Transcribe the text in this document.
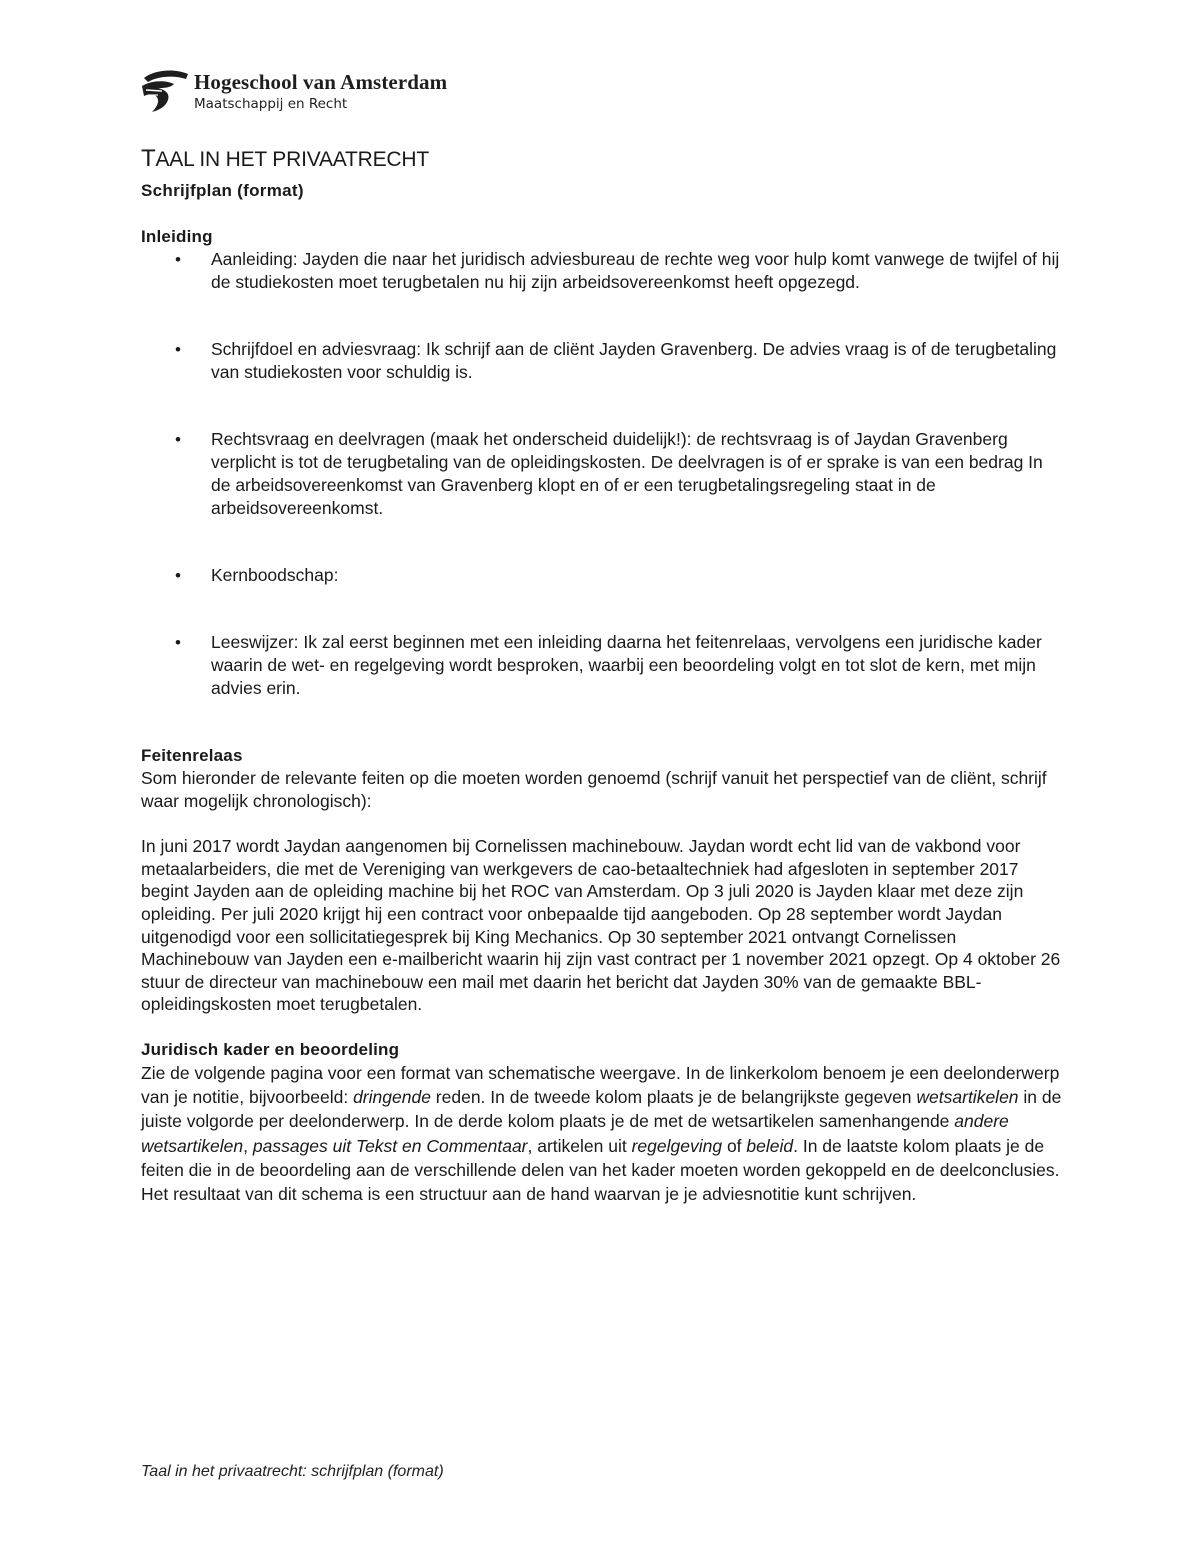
Hogeschool van Amsterdam
Maatschappij en Recht
TAAL IN HET PRIVAATRECHT
Schrijfplan (format)
Inleiding
• Aanleiding: Jayden die naar het juridisch adviesbureau de rechte weg voor hulp komt vanwege de twijfel of hij de studiekosten moet terugbetalen nu hij zijn arbeidsovereenkomst heeft opgezegd.
• Schrijfdoel en adviesvraag: Ik schrijf aan de cliënt Jayden Gravenberg. De advies vraag is of de terugbetaling van studiekosten voor schuldig is.
• Rechtsvraag en deelvragen (maak het onderscheid duidelijk!): de rechtsvraag is of Jaydan Gravenberg verplicht is tot de terugbetaling van de opleidingskosten. De deelvragen is of er sprake is van een bedrag In de arbeidsovereenkomst van Gravenberg klopt en of er een terugbetalingsregeling staat in de arbeidsovereenkomst.
• Kernboodschap:
• Leeswijzer: Ik zal eerst beginnen met een inleiding daarna het feitenrelaas, vervolgens een juridische kader waarin de wet- en regelgeving wordt besproken, waarbij een beoordeling volgt en tot slot de kern, met mijn advies erin.
Feitenrelaas

Som hieronder de relevante feiten op die moeten worden genoemd (schrijf vanuit het perspectief van de cliënt, schrijf waar mogelijk chronologisch):

In juni 2017 wordt Jaydan aangenomen bij Cornelissen machinebouw. Jaydan wordt echt lid van de vakbond voor metaalarbeiders, die met de Vereniging van werkgevers de cao-betaaltechniek had afgesloten in september 2017 begint Jayden aan de opleiding machine bij het ROC van Amsterdam. Op 3 juli 2020 is Jayden klaar met deze zijn opleiding. Per juli 2020 krijgt hij een contract voor onbepaalde tijd aangeboden. Op 28 september wordt Jaydan uitgenodigd voor een sollicitatiegesprek bij King Mechanics. Op 30 september 2021 ontvangt Cornelissen Machinebouw van Jayden een e-mailbericht waarin hij zijn vast contract per 1 november 2021 opzegt. Op 4 oktober 26 stuur de directeur van machinebouw een mail met daarin het bericht dat Jayden 30% van de gemaakte BBL-opleidingskosten moet terugbetalen.

Juridisch kader en beoordeling

Zie de volgende pagina voor een format van schematische weergave. In de linkerkolom benoem je een deelonderwerp van je notitie, bijvoorbeeld: dringende reden. In de tweede kolom plaats je de belangrijkste gegeven wetsartikelen in de juiste volgorde per deelonderwerp. In de derde kolom plaats je de met de wetsartikelen samenhangende andere wetsartikelen, passages uit Tekst en Commentaar, artikelen uit regelgeving of beleid. In de laatste kolom plaats je de feiten die in de beoordeling aan de verschillende delen van het kader moeten worden gekoppeld en de deelconclusies. Het resultaat van dit schema is een structuur aan de hand waarvan je je adviesnotitie kunt schrijven.

Taal in het privaatrecht: schrijfplan (format)
